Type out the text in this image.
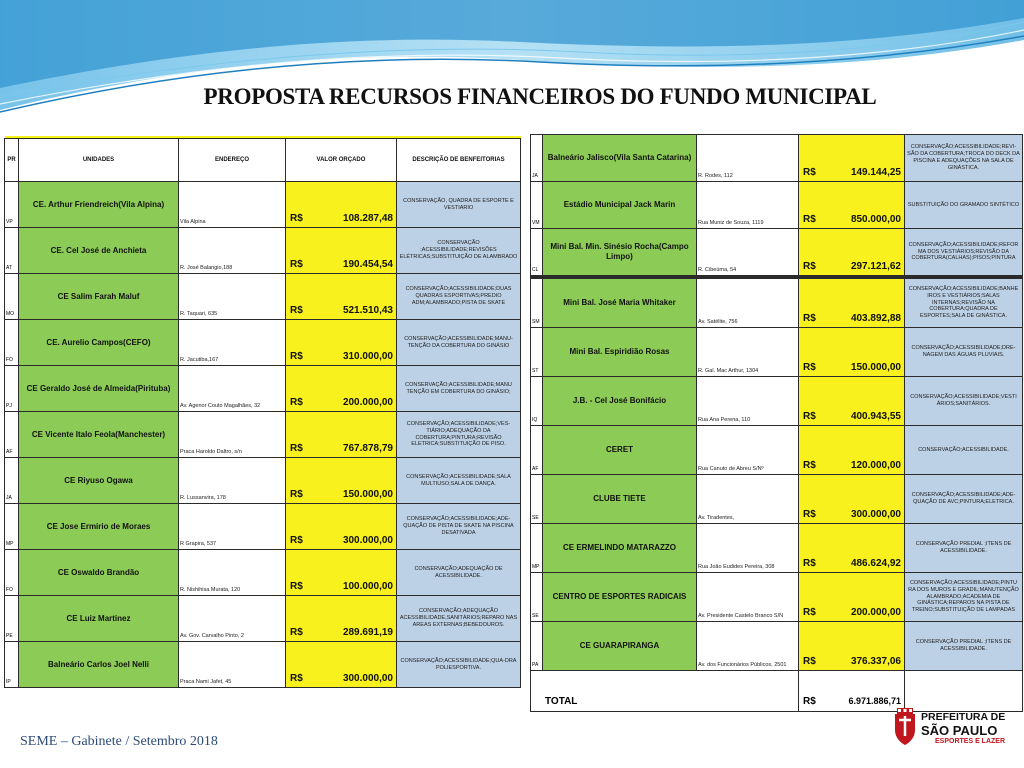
PROPOSTA RECURSOS FINANCEIROS DO FUNDO MUNICIPAL

PR	UNIDADES	ENDEREÇO	VALOR ORÇADO	DESCRIÇÃO DE BENFEITORIAS
VP	CE. Arthur Friendreich(Vila Alpina)	Vila Alpina	R$ 108.287,48	CONSERVAÇÃO, QUADRA DE ESPORTE E VESTIARIO
AT	CE. Cel José de Anchieta	R. José Balangio,188	R$ 190.454,54	CONSERVAÇÃO ;ACESSIBILIDADE;REVISÕES ELÉTRICAS;SUBSTITUIÇÃO DE ALAMBRADO
MO	CE Salim Farah Maluf	R. Taquari, 635	R$ 521.510,43	CONSERVAÇÃO;ACESSIBILIDADE;DUAS QUADRAS ESPORTIVAS;PREDIO ADM;ALAMBRADO;PISTA DE SKATE
FO	CE. Aurelio Campos(CEFO)	R. Jacutiba,167	R$ 310.000,00	CONSERVAÇÃO;ACESSIBILIDADE;MANU-TENÇÃO DA COBERTURA DO GINÁSIO
PJ	CE Geraldo José de Almeida(Pirituba)	Av. Agenor Couto Magalhães, 32	R$ 200.000,00	CONSERVAÇÃO;ACESSIBILIDADE;MANU TENÇÃO EM COBERTURA DO GINÁSIO;
AF	CE Vicente Italo Feola(Manchester)	Praca Haroldo Daltro, s/n	R$ 767.878,79	CONSERVAÇÃO;ACESSIBILIDADE;VES-TIÁRIO;ADEQUAÇÃO DA COBERTURA;PINTURA;REVISÃO ELETRICA;SUBSTITUIÇÃO DE PISO.
JA	CE Riyuso Ogawa	R. Lussanvira, 178	R$ 150.000,00	CONSERVAÇÃO;ACESSIBILIDADE;SALA MULTIUSO;SALA DE DANÇA.
MP	CE Jose Ermirio de Moraes	R Grapira, 537	R$ 300.000,00	CONSERVAÇÃO;ACESSIBILIDADE;ADE-QUAÇÃO DE PISTA DE SKATE NA PISCINA DESATIVADA
FO	CE Oswaldo Brandão	R. Nishihisa Murata, 120	R$ 100.000,00	CONSERVAÇÃO;ADEQUAÇÃO DE ACESSIBILIDADE.
PE	CE Luiz Martinez	Av. Gov. Carvalho Pinto, 2	R$ 289.691,19	CONSERVAÇÃO;ADEQUAÇÃO ACESSIBILIDADE,SANITÁRIOS;REPARO NAS AREAS EXTERNAS;BEBEDOUROS.
IP	Balneário Carlos Joel Nelli	Praca Nami Jafet, 45	R$ 300.000,00	CONSERVAÇÃO;ACESSIBILIDADE;QUA-DRA POLIESPORTIVA.
JA	Balneário Jalisco(Vila Santa Catarina)	R. Rodes, 112	R$ 149.144,25	CONSERVAÇÃO;ACESSIBILIDADE;REVI-SÃO DA COBERTURA;TROCA DO DECK DA PISCINA E ADEQUAÇÕES NA SALA DE GINÁSTICA.
VM	Estádio Municipal Jack Marin	Rua Muniz de Souza, 1119	R$ 850.000,00	SUBSTITUIÇÃO DO GRAMADO SINTÉTICO
CL	Mini Bal. Min. Sinésio Rocha(Campo Limpo)	R. Cibeúma, 54	R$ 297.121,62	CONSERVAÇÃO;ACESSIBILIDADE;REFOR MA DOS VESTIÁRIOS;REVISÃO DA COBERTURA(CALHAS);PISOS;PINTURA
SM	Mini Bal. José Maria Whitaker	Av. Satélite, 756	R$ 403.892,88	CONSERVAÇÃO;ACESSIBILIDADE;BANHE IROS E VESTIÁRIOS;SALAS INTERNAS;REVISÃO NA COBERTURA;QUADRA DE ESPORTES;SALA DE GINÁSTICA.
ST	Mini Bal. Espiridião Rosas	R. Gal. Mac Arthur, 1304	R$ 150.000,00	CONSERVAÇÃO;ACESSIBILIDADE;DRE-NAGEM DAS ÁGUAS PLUVIAIS.
IQ	J.B. - Cel José Bonifácio	Rua Ana Perena, 110	R$ 400.943,55	CONSERVAÇÃO;ACESSIBILIDADE;VESTI ÁRIOS;SANITÁRIOS.
AF	CERET	Rua Canuto de Abreu S/Nº	R$ 120.000,00	CONSERVAÇÃO;ACESSIBILIDADE.
SE	CLUBE TIETE	Av. Tiradentes,	R$ 300.000,00	CONSERVAÇÃO;ACESSIBILIDADE;ADE-QUAÇÃO DE AVC;PINTURA;ELETRICA.
MP	CE ERMELINDO MATARAZZO	Rua João Eudides Pereira, 308	R$ 486.624,92	CONSERVAÇÃO PREDIAL ;ITENS DE ACESSIBILIDADE.
SE	CENTRO DE ESPORTES RADICAIS	Av. Presidente Castelo Branco S/N	R$ 200.000,00	CONSERVAÇÃO;ACESSIBILIDADE;PINTU RA DOS MUROS E GRADIL;MANUTENÇÃO ALAMBRADO;ACADEMIA DE GINÁSTICA;REPAROS NA PISTA DE TREINO;SUBSTITUIÇÃO DE LAMPADAS
PA	CE GUARAPIRANGA	Av. dos Funcionários Públicos, 2501	R$ 376.337,06	CONSERVAÇÃO PREDIAL ;ITENS DE ACESSIBILIDADE.
TOTAL			R$ 6.971.886,71	

SEME – Gabinete / Setembro 2018
PREFEITURA DE
SÃO PAULO
ESPORTES E LAZER
